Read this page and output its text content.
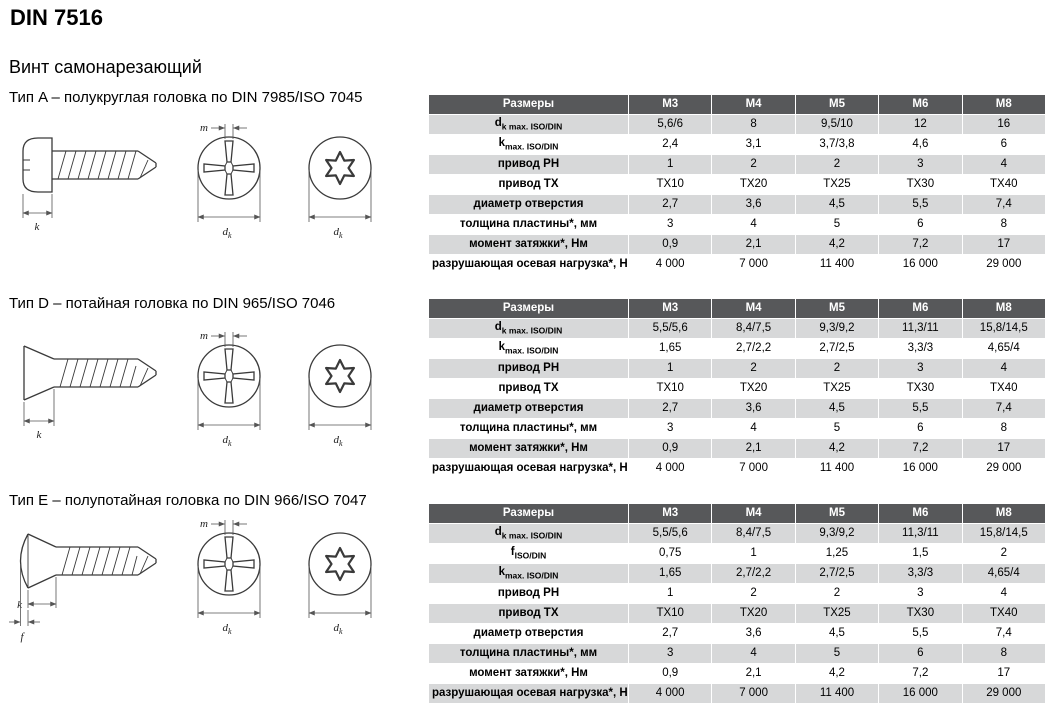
DIN 7516
Винт самонарезающий
Тип A – полукруглая головка по DIN 7985/ISO 7045
k
m
$d_k$	$d_k$
Размеры	M3	M4	M5	M6	M8
$d_{k max. ISO/DIN}$	5,6/6	8	9,5/10	12	16
$k_{max. ISO/DIN}$	2,4	3,1	3,7/3,8	4,6	6
привод PH	1	2	2	3	4
привод TX	TX10	TX20	TX25	TX30	TX40
диаметр отверстия	2,7	3,6	4,5	5,5	7,4
толщина пластины*, мм	3	4	5	6	8
момент затяжки*, Нм	0,9	2,1	4,2	7,2	17
разрушающая осевая нагрузка*, Н	4 000	7 000	11 400	16 000	29 000
Тип D – потайная головка по DIN 965/ISO 7046
k
m
$d_k$	$d_k$
Размеры	M3	M4	M5	M6	M8
$d_{k max. ISO/DIN}$	5,5/5,6	8,4/7,5	9,3/9,2	11,3/11	15,8/14,5
$k_{max. ISO/DIN}$	1,65	2,7/2,2	2,7/2,5	3,3/3	4,65/4
привод PH	1	2	2	3	4
привод TX	TX10	TX20	TX25	TX30	TX40
диаметр отверстия	2,7	3,6	4,5	5,5	7,4
толщина пластины*, мм	3	4	5	6	8
момент затяжки*, Нм	0,9	2,1	4,2	7,2	17
разрушающая осевая нагрузка*, Н	4 000	7 000	11 400	16 000	29 000
Тип E – полупотайная головка по DIN 966/ISO 7047
k
f
m
$d_k$	$d_k$
Размеры	M3	M4	M5	M6	M8
$d_{k max. ISO/DIN}$	5,5/5,6	8,4/7,5	9,3/9,2	11,3/11	15,8/14,5
$f_{ISO/DIN}$	0,75	1	1,25	1,5	2
$k_{max. ISO/DIN}$	1,65	2,7/2,2	2,7/2,5	3,3/3	4,65/4
привод PH	1	2	2	3	4
привод TX	TX10	TX20	TX25	TX30	TX40
диаметр отверстия	2,7	3,6	4,5	5,5	7,4
толщина пластины*, мм	3	4	5	6	8
момент затяжки*, Нм	0,9	2,1	4,2	7,2	17
разрушающая осевая нагрузка*, Н	4 000	7 000	11 400	16 000	29 000
